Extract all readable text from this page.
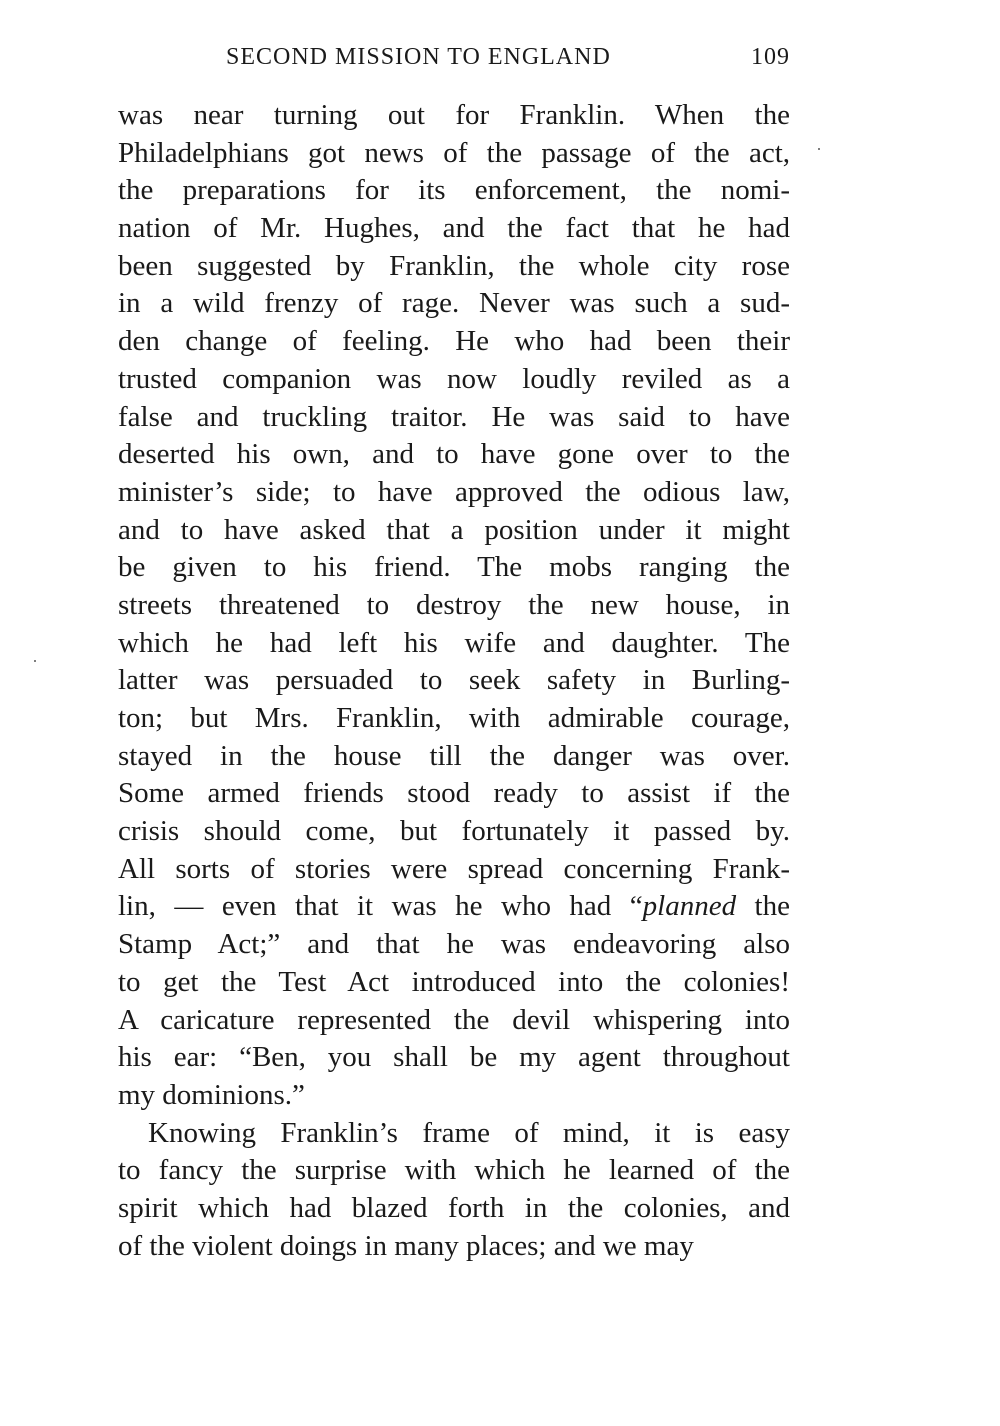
SECOND MISSION TO ENGLAND	109
was near turning out for Franklin. When the
Philadelphians got news of the passage of the act,
the preparations for its enforcement, the nomi-
nation of Mr. Hughes, and the fact that he had
been suggested by Franklin, the whole city rose
in a wild frenzy of rage. Never was such a sud-
den change of feeling. He who had been their
trusted companion was now loudly reviled as a
false and truckling traitor. He was said to have
deserted his own, and to have gone over to the
minister’s side; to have approved the odious law,
and to have asked that a position under it might
be given to his friend. The mobs ranging the
streets threatened to destroy the new house, in
which he had left his wife and daughter. The
latter was persuaded to seek safety in Burling-
ton; but Mrs. Franklin, with admirable courage,
stayed in the house till the danger was over.
Some armed friends stood ready to assist if the
crisis should come, but fortunately it passed by.
All sorts of stories were spread concerning Frank-
lin, — even that it was he who had “planned the
Stamp Act;” and that he was endeavoring also
to get the Test Act introduced into the colonies!
A caricature represented the devil whispering into
his ear: “Ben, you shall be my agent throughout
my dominions.”
Knowing Franklin’s frame of mind, it is easy
to fancy the surprise with which he learned of the
spirit which had blazed forth in the colonies, and
of the violent doings in many places; and we may
